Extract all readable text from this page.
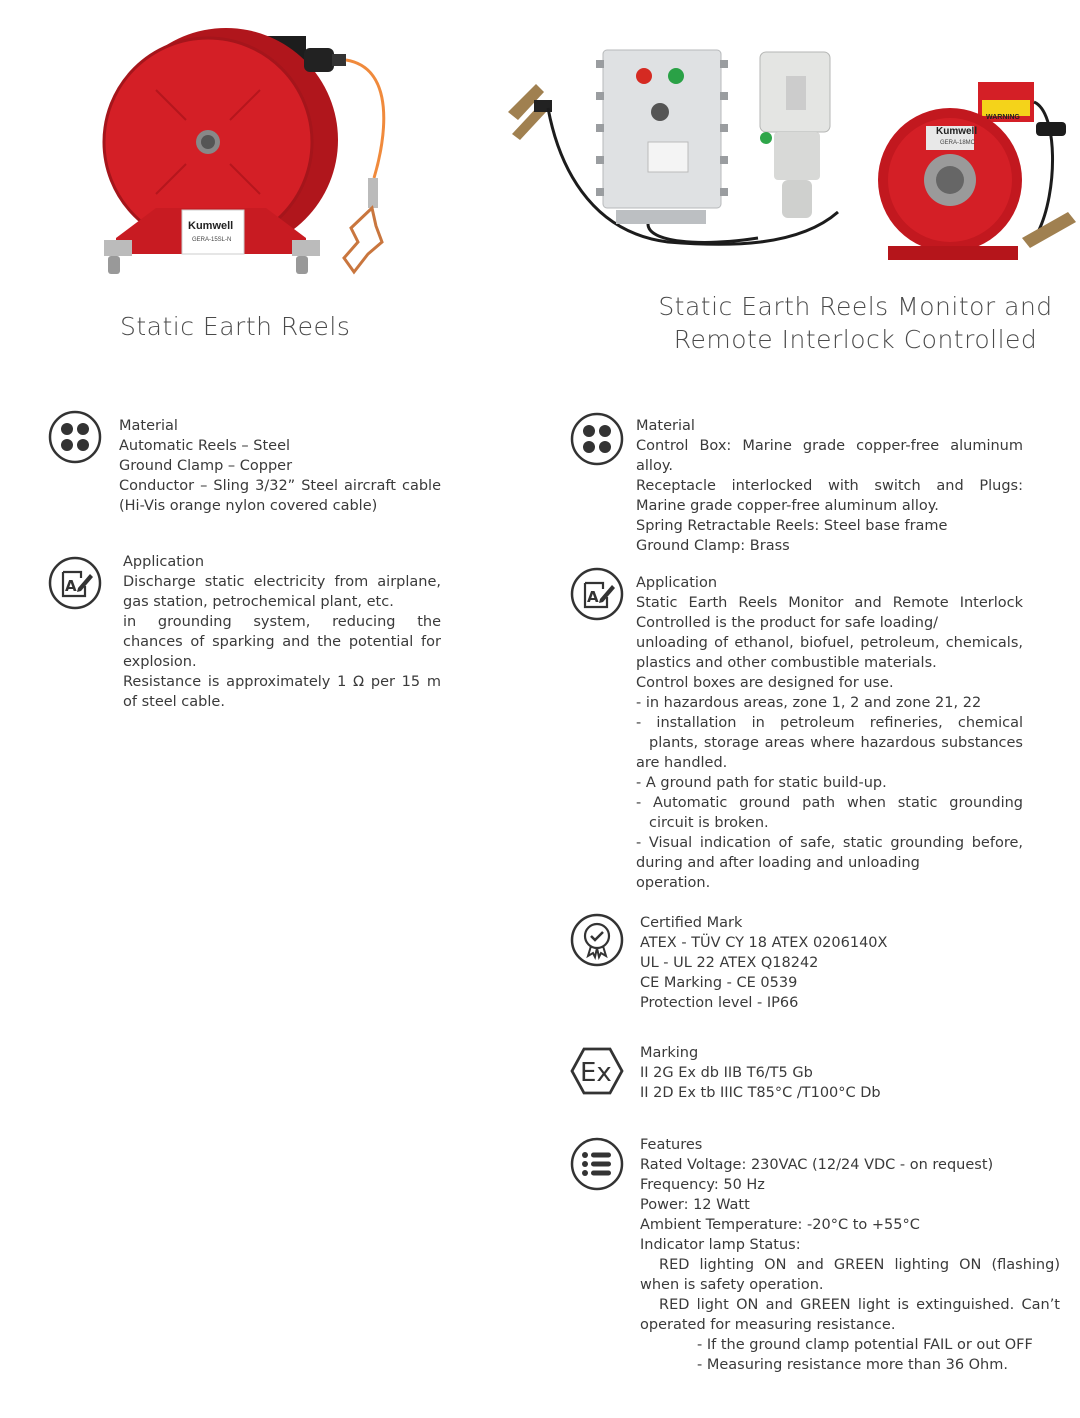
Kumwell
GERA-15SL-N
WARNING
Kumwell
GERA-18MC
Static Earth Reels
Static Earth Reels Monitor and
Remote Interlock Controlled
Material
Automatic Reels – Steel
Ground Clamp – Copper
Conductor – Sling 3/32” Steel aircraft cable
(Hi-Vis orange nylon covered cable)
A
Application
Discharge static electricity from airplane,
gas station, petrochemical plant, etc.
in grounding system, reducing the
chances of sparking and the potential for
explosion.
Resistance is approximately 1 Ω per 15 m
of steel cable.
Material
Control Box: Marine grade copper-free aluminum
alloy.
Receptacle interlocked with switch and Plugs:
Marine grade copper-free aluminum alloy.
Spring Retractable Reels: Steel base frame
Ground Clamp: Brass
A
Application
Static Earth Reels Monitor and Remote Interlock
Controlled is the product for safe loading/
unloading of ethanol, biofuel, petroleum, chemicals,
plastics and other combustible materials.
Control boxes are designed for use.
- in hazardous areas, zone 1, 2 and zone 21, 22
- installation in petroleum refineries, chemical
plants, storage areas where hazardous substances
are handled.
- A ground path for static build-up.
- Automatic ground path when static grounding
circuit is broken.
- Visual indication of safe, static grounding before,
during and after loading and unloading
operation.
Certified Mark
ATEX - TÜV CY 18 ATEX 0206140X
UL - UL 22 ATEX Q18242
CE Marking - CE 0539
Protection level - IP66
Ex
Marking
II 2G Ex db IIB T6/T5 Gb
II 2D Ex tb IIIC T85°C /T100°C Db
Features
Rated Voltage: 230VAC (12/24 VDC - on request)
Frequency: 50 Hz
Power: 12 Watt
Ambient Temperature: -20°C to +55°C
Indicator lamp Status:
RED lighting ON and GREEN lighting ON (flashing)
when is safety operation.
RED light ON and GREEN light is extinguished. Can’t
operated for measuring resistance.
- If the ground clamp potential FAIL or out OFF
- Measuring resistance more than 36 Ohm.
